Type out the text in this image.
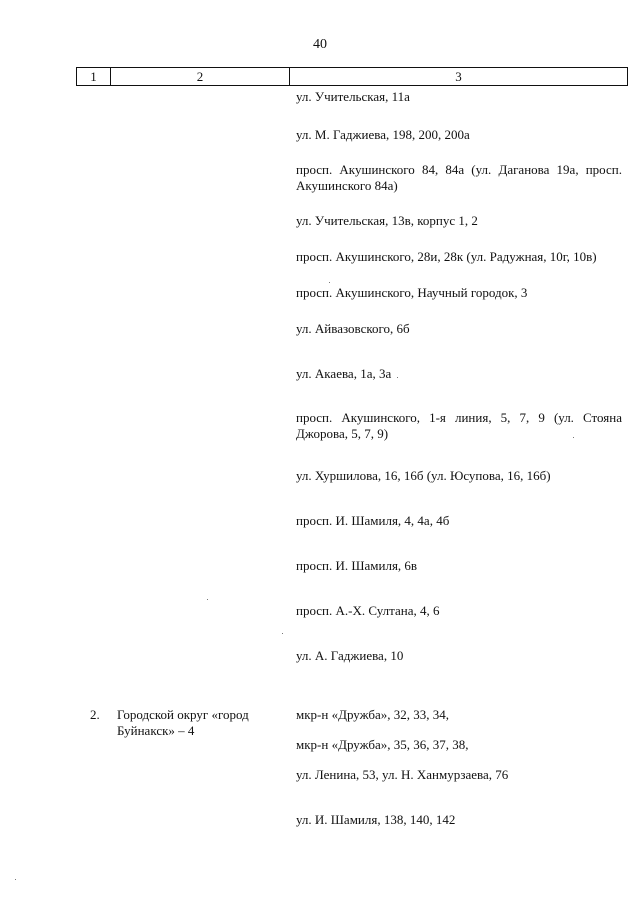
40
1	2	3
ул. Учительская, 11а
ул. М. Гаджиева, 198, 200, 200а
просп. Акушинского 84, 84а (ул. Даганова 19а, просп. Акушинского 84а)
ул. Учительская, 13в, корпус 1, 2
просп. Акушинского, 28и, 28к (ул. Радужная, 10г, 10в)
просп. Акушинского, Научный городок, 3
ул. Айвазовского, 6б
ул. Акаева, 1а, 3а
просп. Акушинского, 1-я линия, 5, 7, 9 (ул. Стояна Джорова, 5, 7, 9)
ул. Хуршилова, 16, 16б (ул. Юсупова, 16, 16б)
просп. И. Шамиля, 4, 4а, 4б
просп. И. Шамиля, 6в
просп. А.-Х. Султана, 4, 6
ул. А. Гаджиева, 10
2. Городской округ «город Буйнакск» – 4
мкр-н «Дружба», 32, 33, 34,
мкр-н «Дружба», 35, 36, 37, 38,
ул. Ленина, 53, ул. Н. Ханмурзаева, 76
ул. И. Шамиля, 138, 140, 142
